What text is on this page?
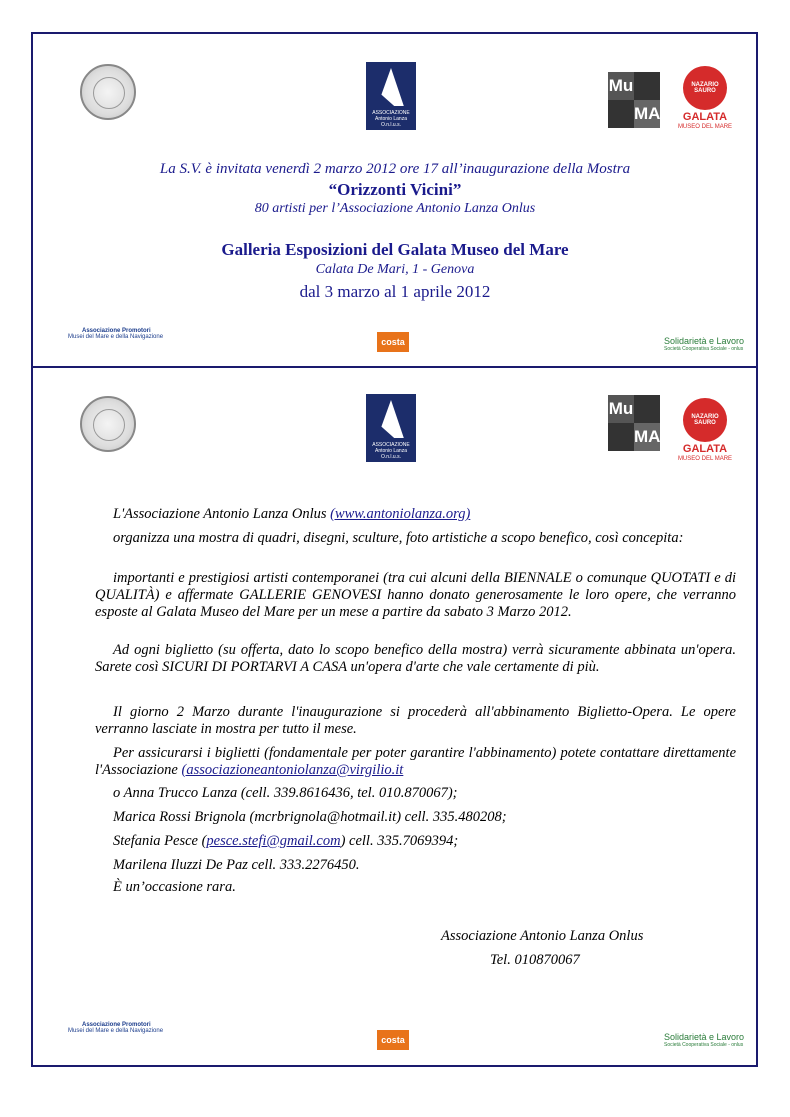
ASSOCIAZIONE Antonio Lanza O.n.l.u.s.
Mu
MA
NAZARIO SAURO
GALATA
MUSEO DEL MARE
La S.V. è invitata venerdì 2 marzo 2012 ore 17 all’inaugurazione della Mostra
“Orizzonti Vicini”
80 artisti per l’Associazione Antonio Lanza Onlus
Galleria Esposizioni del Galata Museo del Mare
Calata De Mari, 1 - Genova
dal 3 marzo al 1 aprile 2012
Associazione Promotori
Musei del Mare e della Navigazione	costa	Solidarietà e Lavoro
Società Cooperativa Sociale - onlus
ASSOCIAZIONE Antonio Lanza O.n.l.u.s.
Mu
MA
NAZARIO SAURO
GALATA
MUSEO DEL MARE
L'Associazione Antonio Lanza Onlus (www.antoniolanza.org)
organizza una mostra di quadri, disegni, sculture, foto artistiche a scopo benefico, così concepita:
importanti e prestigiosi artisti contemporanei (tra cui alcuni della BIENNALE o comunque QUOTATI e di QUALITÀ) e affermate GALLERIE GENOVESI hanno donato generosamente le loro opere, che verranno esposte al Galata Museo del Mare per un mese a partire da sabato 3 Marzo 2012.
Ad ogni biglietto (su offerta, dato lo scopo benefico della mostra) verrà sicuramente abbinata un'opera. Sarete così SICURI DI PORTARVI A CASA un'opera d'arte che vale certamente di più.
Il giorno 2 Marzo durante l'inaugurazione si procederà all'abbinamento Biglietto-Opera. Le opere verranno lasciate in mostra per tutto il mese.
Per assicurarsi i biglietti (fondamentale per poter garantire l'abbinamento) potete contattare direttamente l'Associazione (associazioneantoniolanza@virgilio.it
o Anna Trucco Lanza (cell. 339.8616436, tel. 010.870067);
Marica Rossi Brignola (mcrbrignola@hotmail.it) cell. 335.480208;
Stefania Pesce (pesce.stefi@gmail.com) cell. 335.7069394;
Marilena Iluzzi De Paz cell. 333.2276450.
È un’occasione rara.
Associazione Antonio Lanza Onlus
Tel. 010870067
Associazione Promotori
Musei del Mare e della Navigazione
costa	Solidarietà e Lavoro
Società Cooperativa Sociale - onlus
